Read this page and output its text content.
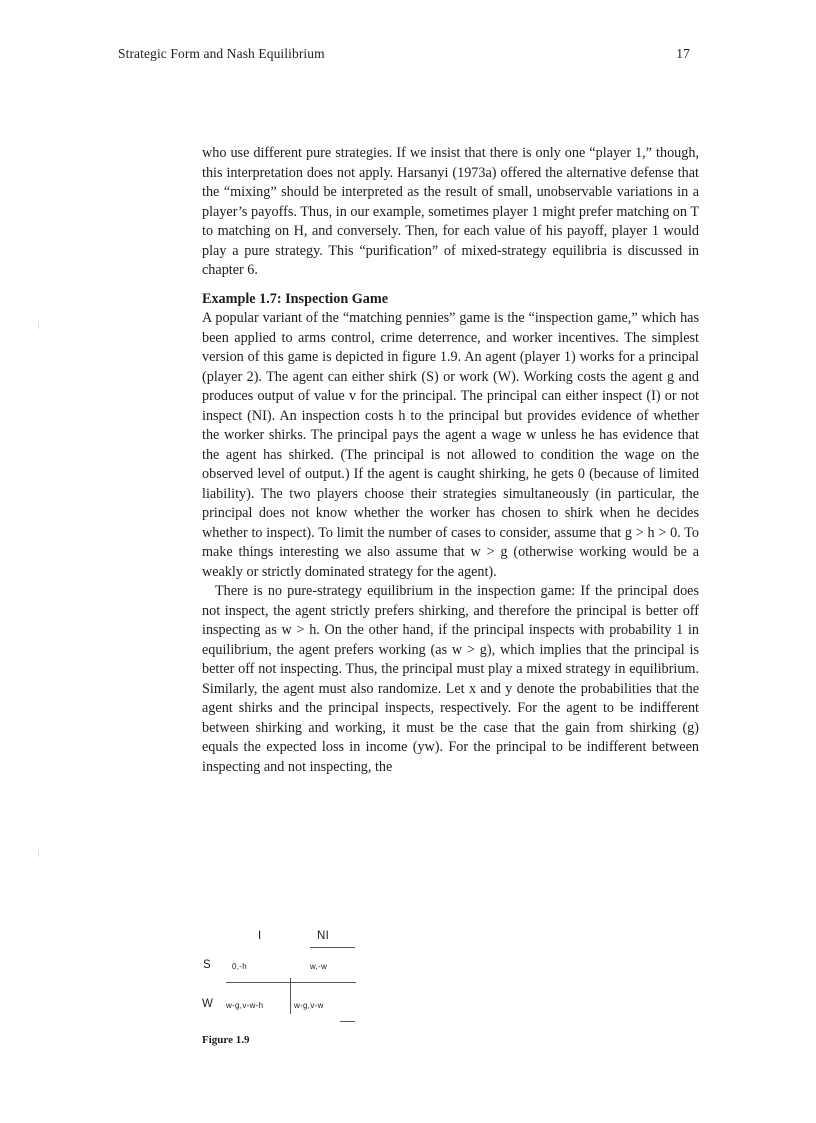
Strategic Form and Nash Equilibrium	17

who use different pure strategies. If we insist that there is only one “player 1,” though, this interpretation does not apply. Harsanyi (1973a) offered the alternative defense that the “mixing” should be interpreted as the result of small, unobservable variations in a player’s payoffs. Thus, in our example, sometimes player 1 might prefer matching on T to matching on H, and conversely. Then, for each value of his payoff, player 1 would play a pure strategy. This “purification” of mixed-strategy equilibria is discussed in chapter 6.

Example 1.7: Inspection Game

A popular variant of the “matching pennies” game is the “inspection game,” which has been applied to arms control, crime deterrence, and worker incentives. The simplest version of this game is depicted in figure 1.9. An agent (player 1) works for a principal (player 2). The agent can either shirk (S) or work (W). Working costs the agent g and produces output of value v for the principal. The principal can either inspect (I) or not inspect (NI). An inspection costs h to the principal but provides evidence of whether the worker shirks. The principal pays the agent a wage w unless he has evidence that the agent has shirked. (The principal is not allowed to condition the wage on the observed level of output.) If the agent is caught shirking, he gets 0 (because of limited liability). The two players choose their strategies simultaneously (in particular, the principal does not know whether the worker has chosen to shirk when he decides whether to inspect). To limit the number of cases to consider, assume that g > h > 0. To make things interesting we also assume that w > g (otherwise working would be a weakly or strictly dominated strategy for the agent).

There is no pure-strategy equilibrium in the inspection game: If the principal does not inspect, the agent strictly prefers shirking, and therefore the principal is better off inspecting as w > h. On the other hand, if the principal inspects with probability 1 in equilibrium, the agent prefers working (as w > g), which implies that the principal is better off not inspecting. Thus, the principal must play a mixed strategy in equilibrium. Similarly, the agent must also randomize. Let x and y denote the probabilities that the agent shirks and the principal inspects, respectively. For the agent to be indifferent between shirking and working, it must be the case that the gain from shirking (g) equals the expected loss in income (yw). For the principal to be indifferent between inspecting and not inspecting, the

I	NI
S	0,-h	w,-w
W w-g,v-w-h	w-g,v-w
Figure 1.9
|
|
